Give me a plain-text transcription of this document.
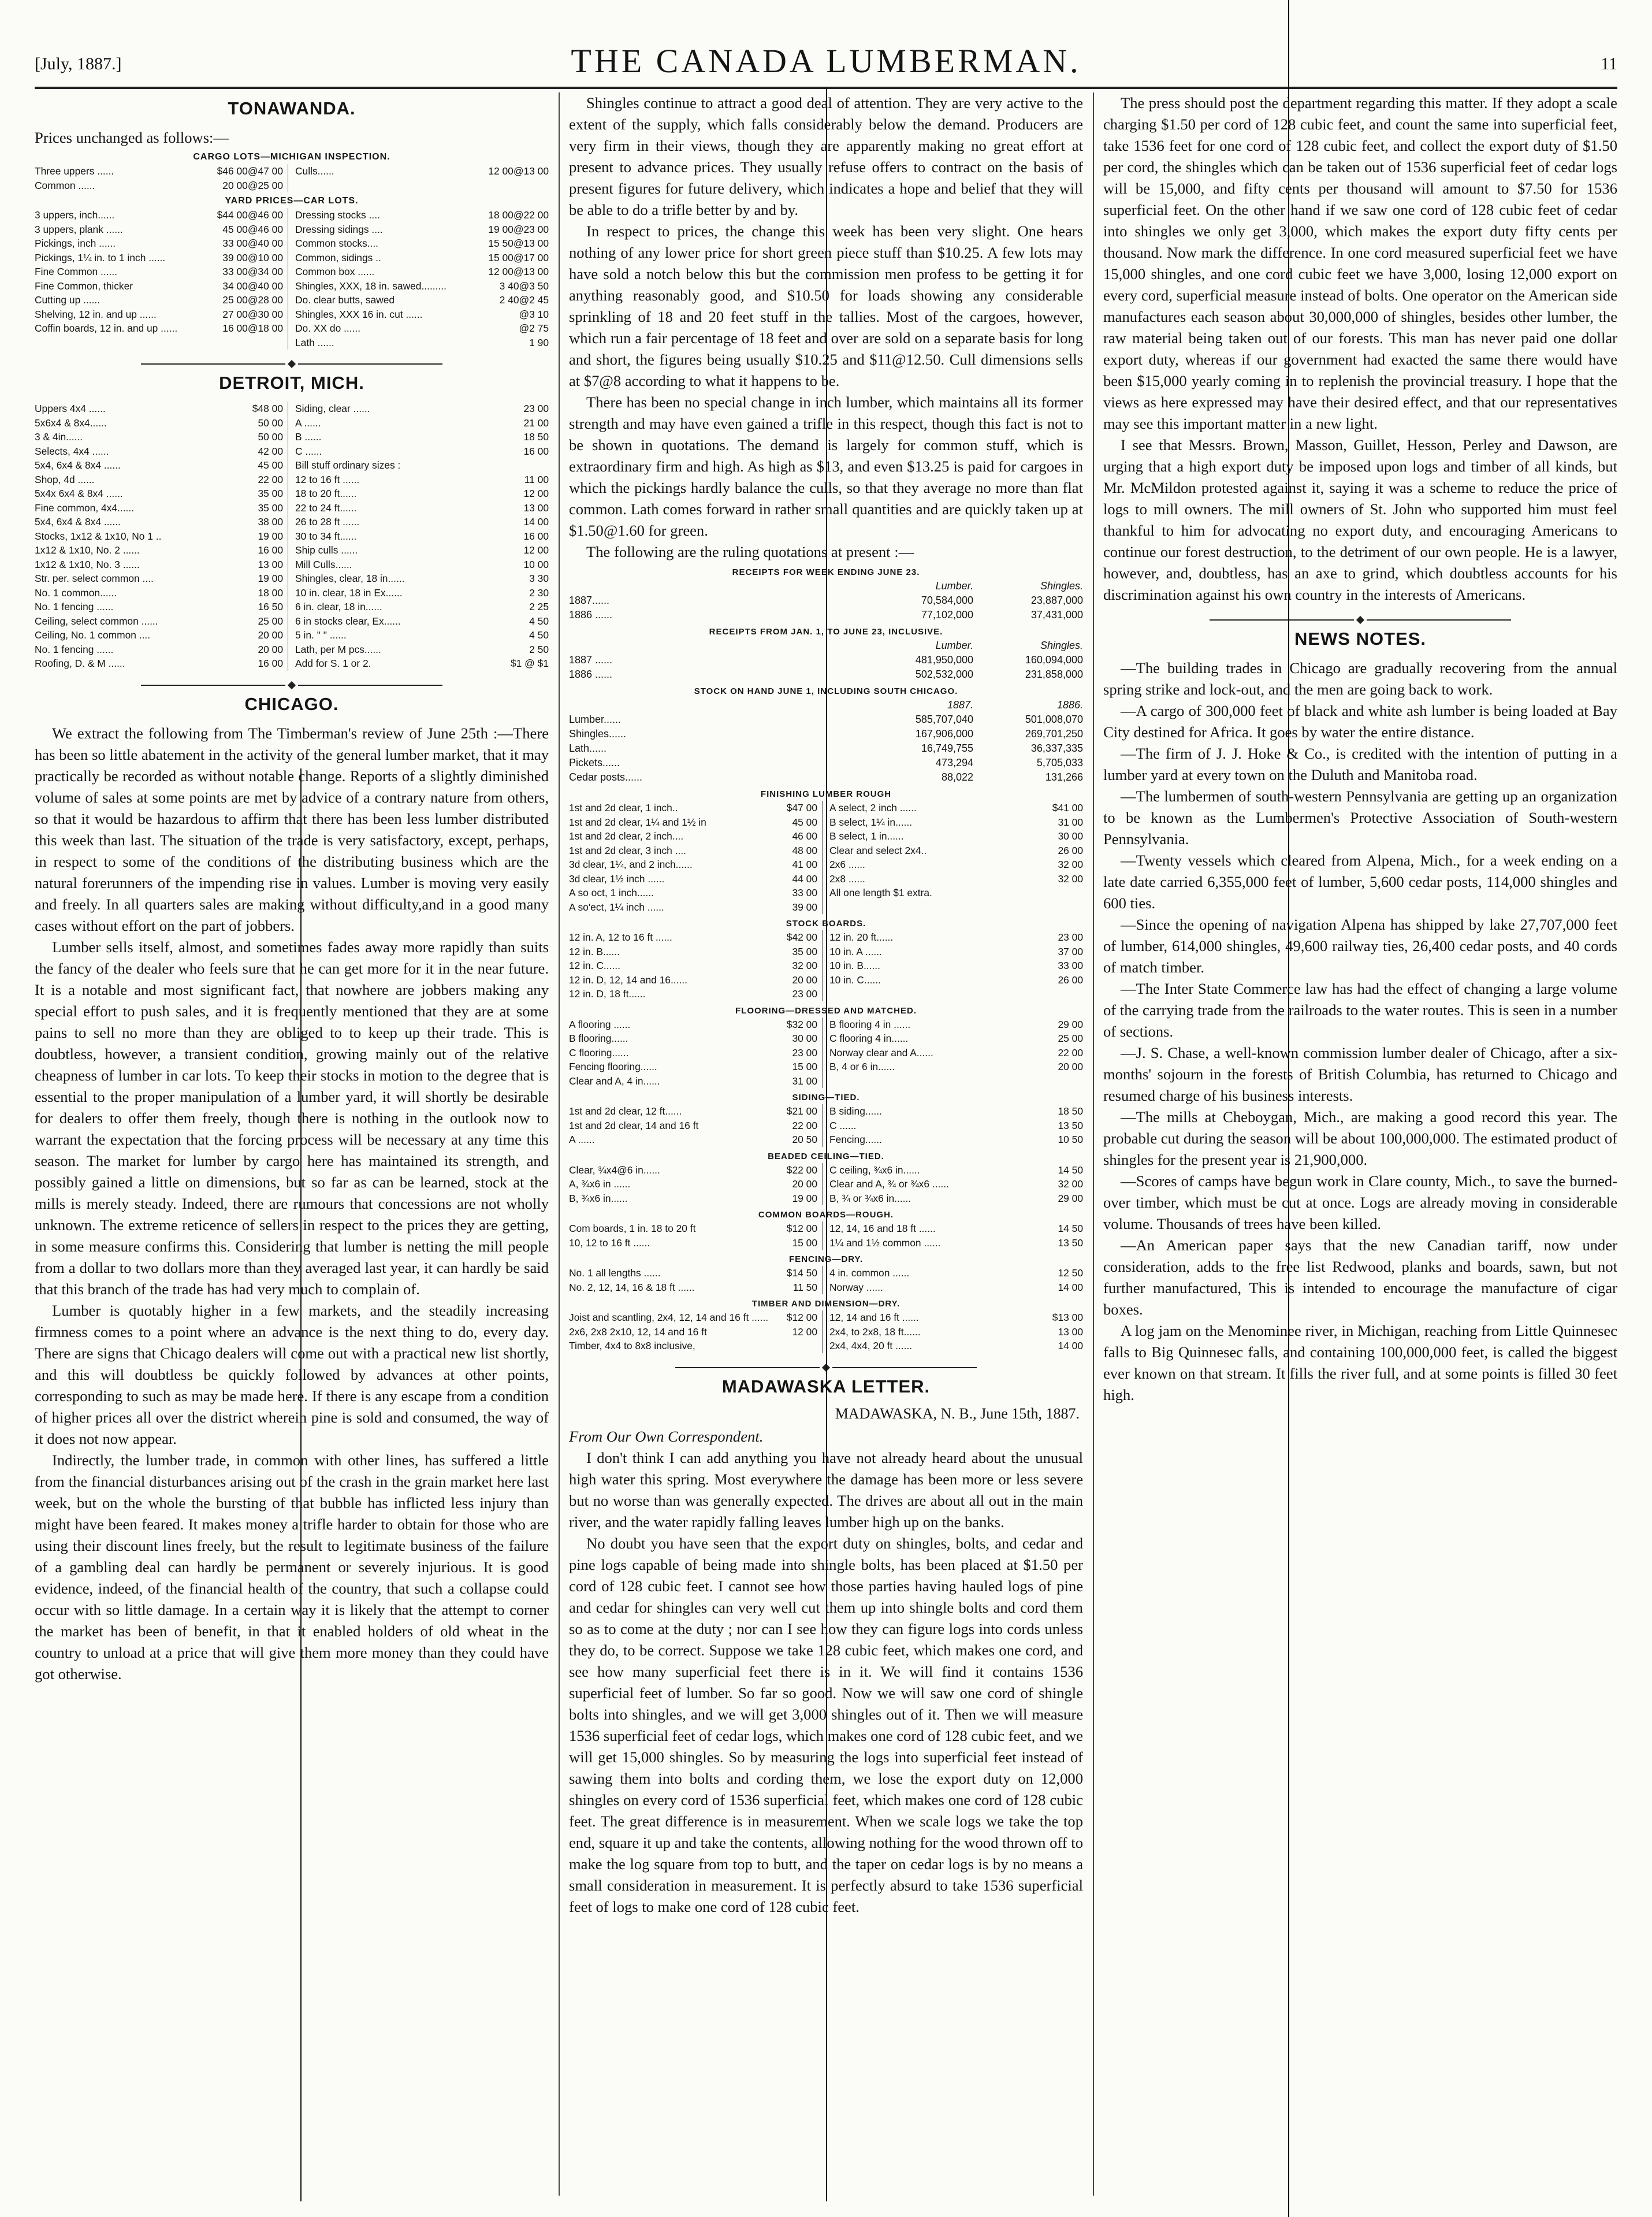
[July, 1887.]	THE CANADA LUMBERMAN.	11
TONAWANDA.

Prices unchanged as follows:—

CARGO LOTS—MICHIGAN INSPECTION.
Three uppers ......	$46 00@47 00
Common ......	20 00@25 00
Culls......	12 00@13 00
YARD PRICES—CAR LOTS.
3 uppers, inch......	$44 00@46 00
3 uppers, plank ......	45 00@46 00
Pickings, inch ......	33 00@40 00
Pickings, 1¼ in. to 1 inch ......	39 00@10 00
Fine Common ......	33 00@34 00
Fine Common, thicker	34 00@40 00
Cutting up ......	25 00@28 00
Shelving, 12 in. and up ......	27 00@30 00
Coffin boards, 12 in. and up ......	16 00@18 00
Dressing stocks ....	18 00@22 00
Dressing sidings ....	19 00@23 00
Common stocks....	15 50@13 00
Common, sidings ..	15 00@17 00
Common box ......	12 00@13 00
Shingles, XXX, 18 in. sawed.........	3 40@3 50
Do. clear butts, sawed	2 40@2 45
Shingles, XXX 16 in. cut ......	@3 10
Do. XX do ......	@2 75
Lath ......	1 90
DETROIT, MICH.
Uppers 4x4 ......	$48 00
5x6x4 & 8x4......	50 00
3 & 4in......	50 00
Selects, 4x4 ......	42 00
5x4, 6x4 & 8x4 ......	45 00
Shop, 4d ......	22 00
5x4x 6x4 & 8x4 ......	35 00
Fine common, 4x4......	35 00
5x4, 6x4 & 8x4 ......	38 00
Stocks, 1x12 & 1x10, No 1 ..	19 00
1x12 & 1x10, No. 2 ......	16 00
1x12 & 1x10, No. 3 ......	13 00
Str. per. select common ....	19 00
No. 1 common......	18 00
No. 1 fencing ......	16 50
Ceiling, select common ......	25 00
Ceiling, No. 1 common ....	20 00
No. 1 fencing ......	20 00
Roofing, D. & M ......	16 00
Siding, clear ......	23 00
A ......	21 00
B ......	18 50
C ......	16 00
Bill stuff ordinary sizes :
12 to 16 ft ......	11 00
18 to 20 ft......	12 00
22 to 24 ft......	13 00
26 to 28 ft ......	14 00
30 to 34 ft......	16 00
Ship culls ......	12 00
Mill Culls......	10 00
Shingles, clear, 18 in......	3 30
10 in. clear, 18 in Ex......	2 30
6 in. clear, 18 in......	2 25
6 in stocks clear, Ex......	4 50
5 in. " " ......	4 50
Lath, per M pcs......	2 50
Add for S. 1 or 2.	$1 @ $1
CHICAGO.

We extract the following from The Timberman's review of June 25th :—There has been so little abatement in the activity of the general lumber market, that it may practically be recorded as without notable change. Reports of a slightly diminished volume of sales at some points are met by advice of a contrary nature from others, so that it would be hazardous to affirm that there has been less lumber distributed this week than last. The situation of the trade is very satisfactory, except, perhaps, in respect to some of the conditions of the distributing business which are the natural forerunners of the impending rise in values. Lumber is moving very easily and freely. In all quarters sales are making without difficulty,and in a good many cases without effort on the part of jobbers.

Lumber sells itself, almost, and sometimes fades away more rapidly than suits the fancy of the dealer who feels sure that he can get more for it in the near future. It is a notable and most significant fact, that nowhere are jobbers making any special effort to push sales, and it is frequently mentioned that they are at some pains to sell no more than they are obliged to to keep up their trade. This is doubtless, however, a transient condition, growing mainly out of the relative cheapness of lumber in car lots. To keep their stocks in motion to the degree that is essential to the proper manipulation of a lumber yard, it will shortly be desirable for dealers to offer them freely, though there is nothing in the outlook now to warrant the expectation that the forcing process will be necessary at any time this season. The market for lumber by cargo here has maintained its strength, and possibly gained a little on dimensions, but so far as can be learned, stock at the mills is merely steady. Indeed, there are rumours that concessions are not wholly unknown. The extreme reticence of sellers in respect to the prices they are getting, in some measure confirms this. Considering that lumber is netting the mill people from a dollar to two dollars more than they averaged last year, it can hardly be said that this branch of the trade has had very much to complain of.

Lumber is quotably higher in a few markets, and the steadily increasing firmness comes to a point where an advance is the next thing to do, every day. There are signs that Chicago dealers will come out with a practical new list shortly, and this will doubtless be quickly followed by advances at other points, corresponding to such as may be made here. If there is any escape from a condition of higher prices all over the district wherein pine is sold and consumed, the way of it does not now appear.

Indirectly, the lumber trade, in common with other lines, has suffered a little from the financial disturbances arising out of the crash in the grain market here last week, but on the whole the bursting of that bubble has inflicted less injury than might have been feared. It makes money a trifle harder to obtain for those who are using their discount lines freely, but the result to legitimate business of the failure of a gambling deal can hardly be permanent or severely injurious. It is good evidence, indeed, of the financial health of the country, that such a collapse could occur with so little damage. In a certain way it is likely that the attempt to corner the market has been of benefit, in that it enabled holders of old wheat in the country to unload at a price that will give them more money than they could have got otherwise.

Shingles continue to attract a good deal of attention. They are very active to the extent of the supply, which falls considerably below the demand. Producers are very firm in their views, though they are apparently making no great effort at present to advance prices. They usually refuse offers to contract on the basis of present figures for future delivery, which indicates a hope and belief that they will be able to do a trifle better by and by.

In respect to prices, the change this week has been very slight. One hears nothing of any lower price for short green piece stuff than $10.25. A few lots may have sold a notch below this but the commission men profess to be getting it for anything reasonably good, and $10.50 for loads showing any considerable sprinkling of 18 and 20 feet stuff in the tallies. Most of the cargoes, however, which run a fair percentage of 18 feet and over are sold on a separate basis for long and short, the figures being usually $10.25 and $11@12.50. Cull dimensions sells at $7@8 according to what it happens to be.

There has been no special change in inch lumber, which maintains all its former strength and may have even gained a trifle in this respect, though this fact is not to be shown in quotations. The demand is largely for common stuff, which is extraordinary firm and high. As high as $13, and even $13.25 is paid for cargoes in which the pickings hardly balance the culls, so that they average no more than flat common. Lath comes forward in rather small quantities and are quickly taken up at $1.50@1.60 for green.

The following are the ruling quotations at present :—

RECEIPTS FOR WEEK ENDING JUNE 23.
Lumber.	Shingles.
1887......	70,584,000	23,887,000
1886 ......	77,102,000	37,431,000
RECEIPTS FROM JAN. 1, TO JUNE 23, INCLUSIVE.
Lumber.	Shingles.
1887 ......	481,950,000	160,094,000
1886 ......	502,532,000	231,858,000
STOCK ON HAND JUNE 1, INCLUDING SOUTH CHICAGO.
1887.	1886.
Lumber......	585,707,040	501,008,070
Shingles......	167,906,000	269,701,250
Lath......	16,749,755	36,337,335
Pickets......	473,294	5,705,033
Cedar posts......	88,022	131,266
FINISHING LUMBER ROUGH
1st and 2d clear, 1 inch..	$47 00
1st and 2d clear, 1¼ and 1½ in	45 00
1st and 2d clear, 2 inch....	46 00
1st and 2d clear, 3 inch ....	48 00
3d clear, 1¼, and 2 inch......	41 00
3d clear, 1½ inch ......	44 00
A so oct, 1 inch......	33 00
A so'ect, 1¼ inch ......	39 00
A select, 2 inch ......	$41 00
B select, 1¼ in......	31 00
B select, 1 in......	30 00
Clear and select 2x4..	26 00
2x6 ......	32 00
2x8 ......	32 00
All one length $1 extra.
STOCK BOARDS.
12 in. A, 12 to 16 ft ......	$42 00
12 in. B......	35 00
12 in. C......	32 00
12 in. D, 12, 14 and 16......	20 00
12 in. D, 18 ft......	23 00
12 in. 20 ft......	23 00
10 in. A ......	37 00
10 in. B......	33 00
10 in. C......	26 00
FLOORING—DRESSED AND MATCHED.
A flooring ......	$32 00
B flooring......	30 00
C flooring......	23 00
Fencing flooring......	15 00
Clear and A, 4 in......	31 00
B flooring 4 in ......	29 00
C flooring 4 in......	25 00
Norway clear and A......	22 00
B, 4 or 6 in......	20 00
SIDING—TIED.
1st and 2d clear, 12 ft......	$21 00
1st and 2d clear, 14 and 16 ft	22 00
A ......	20 50
B siding......	18 50
C ......	13 50
Fencing......	10 50
BEADED CEILING—TIED.
Clear, ¾x4@6 in......	$22 00
A, ¾x6 in ......	20 00
B, ¾x6 in......	19 00
C ceiling, ¾x6 in......	14 50
Clear and A, ¾ or ¾x6 ......	32 00
B, ¾ or ¾x6 in......	29 00
COMMON BOARDS—ROUGH.
Com boards, 1 in. 18 to 20 ft	$12 00
10, 12 to 16 ft ......	15 00
12, 14, 16 and 18 ft ......	14 50
1¼ and 1½ common ......	13 50
FENCING—DRY.
No. 1 all lengths ......	$14 50
No. 2, 12, 14, 16 & 18 ft ......	11 50
4 in. common ......	12 50
Norway ......	14 00
TIMBER AND DIMENSION—DRY.
Joist and scantling, 2x4, 12, 14 and 16 ft ......	$12 00
2x6, 2x8 2x10, 12, 14 and 16 ft	12 00
Timber, 4x4 to 8x8 inclusive,
12, 14 and 16 ft ......	$13 00
2x4, to 2x8, 18 ft......	13 00
2x4, 4x4, 20 ft ......	14 00
MADAWASKA LETTER.
MADAWASKA, N. B., June 15th, 1887.

From Our Own Correspondent.

I don't think I can add anything you have not already heard about the unusual high water this spring. Most everywhere the damage has been more or less severe but no worse than was generally expected. The drives are about all out in the main river, and the water rapidly falling leaves lumber high up on the banks.

No doubt you have seen that the export duty on shingles, bolts, and cedar and pine logs capable of being made into shingle bolts, has been placed at $1.50 per cord of 128 cubic feet. I cannot see how those parties having hauled logs of pine and cedar for shingles can very well cut them up into shingle bolts and cord them so as to come at the duty ; nor can I see how they can figure logs into cords unless they do, to be correct. Suppose we take 128 cubic feet, which makes one cord, and see how many superficial feet there is in it. We will find it contains 1536 superficial feet of lumber. So far so good. Now we will saw one cord of shingle bolts into shingles, and we will get 3,000 shingles out of it. Then we will measure 1536 superficial feet of cedar logs, which makes one cord of 128 cubic feet, and we will get 15,000 shingles. So by measuring the logs into superficial feet instead of sawing them into bolts and cording them, we lose the export duty on 12,000 shingles on every cord of 1536 superficial feet, which makes one cord of 128 cubic feet. The great difference is in measurement. When we scale logs we take the top end, square it up and take the contents, allowing nothing for the wood thrown off to make the log square from top to butt, and the taper on cedar logs is by no means a small consideration in measurement. It is perfectly absurd to take 1536 superficial feet of logs to make one cord of 128 cubic feet.

The press should post the department regarding this matter. If they adopt a scale charging $1.50 per cord of 128 cubic feet, and count the same into superficial feet, take 1536 feet for one cord of 128 cubic feet, and collect the export duty of $1.50 per cord, the shingles which can be taken out of 1536 superficial feet of cedar logs will be 15,000, and fifty cents per thousand will amount to $7.50 for 1536 superficial feet. On the other hand if we saw one cord of 128 cubic feet of cedar into shingles we only get 3,000, which makes the export duty fifty cents per thousand. Now mark the difference. In one cord measured superficial feet we have 15,000 shingles, and one cord cubic feet we have 3,000, losing 12,000 export on every cord, superficial measure instead of bolts. One operator on the American side manufactures each season about 30,000,000 of shingles, besides other lumber, the raw material being taken out of our forests. This man has never paid one dollar export duty, whereas if our government had exacted the same there would have been $15,000 yearly coming in to replenish the provincial treasury. I hope that the views as here expressed may have their desired effect, and that our representatives may see this important matter in a new light.

I see that Messrs. Brown, Masson, Guillet, Hesson, Perley and Dawson, are urging that a high export duty be imposed upon logs and timber of all kinds, but Mr. McMildon protested against it, saying it was a scheme to reduce the price of logs to mill owners. The mill owners of St. John who supported him must feel thankful to him for advocating no export duty, and encouraging Americans to continue our forest destruction, to the detriment of our own people. He is a lawyer, however, and, doubtless, has an axe to grind, which doubtless accounts for his discrimination against his own country in the interests of Americans.

NEWS NOTES.

—The building trades in Chicago are gradually recovering from the annual spring strike and lock-out, and the men are going back to work.

—A cargo of 300,000 feet of black and white ash lumber is being loaded at Bay City destined for Africa. It goes by water the entire distance.

—The firm of J. J. Hoke & Co., is credited with the intention of putting in a lumber yard at every town on the Duluth and Manitoba road.

—The lumbermen of south-western Pennsylvania are getting up an organization to be known as the Lumbermen's Protective Association of South-western Pennsylvania.

—Twenty vessels which cleared from Alpena, Mich., for a week ending on a late date carried 6,355,000 feet of lumber, 5,600 cedar posts, 114,000 shingles and 600 ties.

—Since the opening of navigation Alpena has shipped by lake 27,707,000 feet of lumber, 614,000 shingles, 49,600 railway ties, 26,400 cedar posts, and 40 cords of match timber.

—The Inter State Commerce law has had the effect of changing a large volume of the carrying trade from the railroads to the water routes. This is seen in a number of sections.

—J. S. Chase, a well-known commission lumber dealer of Chicago, after a six-months' sojourn in the forests of British Columbia, has returned to Chicago and resumed charge of his business interests.

—The mills at Cheboygan, Mich., are making a good record this year. The probable cut during the season will be about 100,000,000. The estimated product of shingles for the present year is 21,900,000.

—Scores of camps have begun work in Clare county, Mich., to save the burned-over timber, which must be cut at once. Logs are already moving in considerable volume. Thousands of trees have been killed.

—An American paper says that the new Canadian tariff, now under consideration, adds to the free list Redwood, planks and boards, sawn, but not further manufactured, This is intended to encourage the manufacture of cigar boxes.

A log jam on the Menominee river, in Michigan, reaching from Little Quinnesec falls to Big Quinnesec falls, and containing 100,000,000 feet, is called the biggest ever known on that stream. It fills the river full, and at some points is filled 30 feet high.
